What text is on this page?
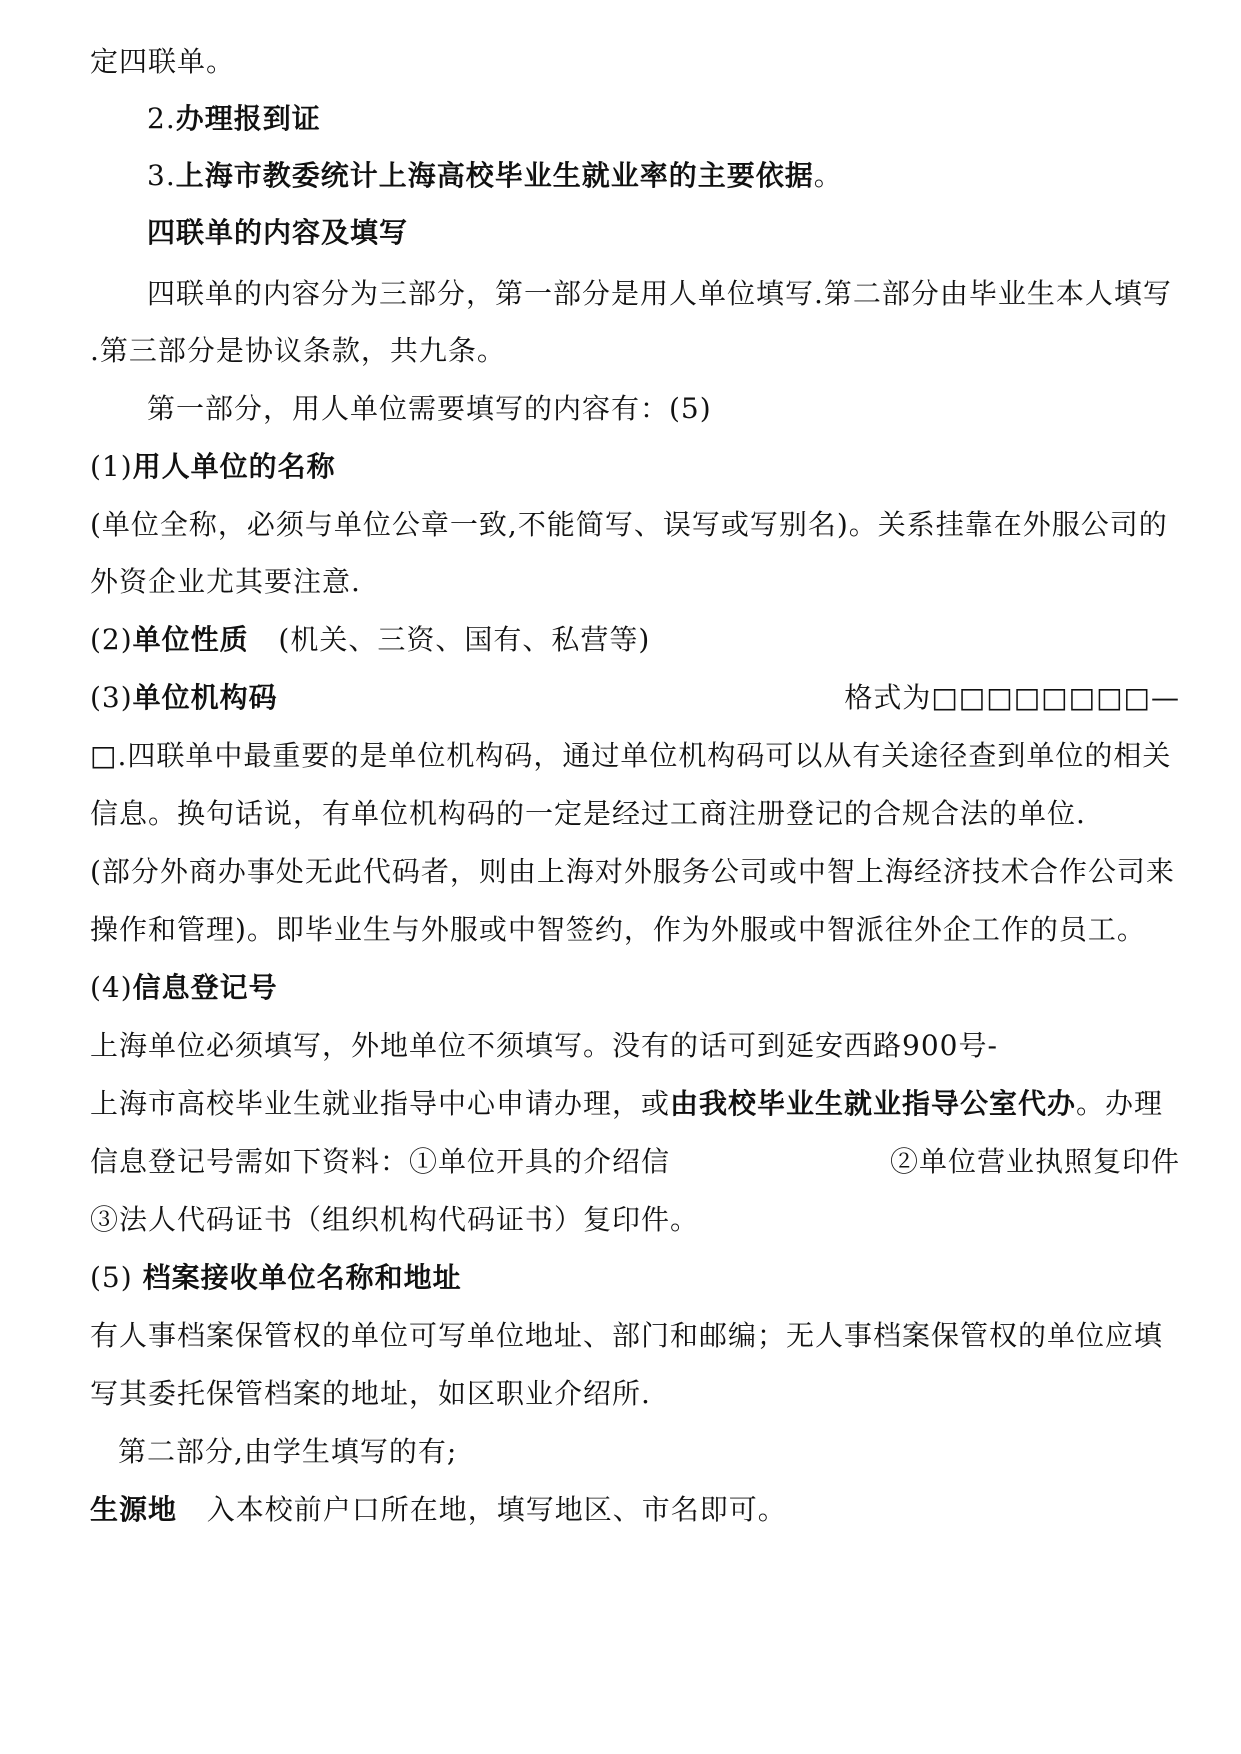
定四联单。
2.办理报到证
3.上海市教委统计上海高校毕业生就业率的主要依据。
四联单的内容及填写
四联单的内容分为三部分，第一部分是用人单位填写.第二部分由毕业生本人填写
.第三部分是协议条款，共九条。
第一部分，用人单位需要填写的内容有：(5)
(1)用人单位的名称
(单位全称，必须与单位公章一致,不能简写、误写或写别名)。关系挂靠在外服公司的
外资企业尤其要注意.
(2)单位性质   (机关、三资、国有、私营等)
(3)单位机构码	格式为□□□□□□□□—
□.四联单中最重要的是单位机构码，通过单位机构码可以从有关途径查到单位的相关
信息。换句话说，有单位机构码的一定是经过工商注册登记的合规合法的单位.
(部分外商办事处无此代码者，则由上海对外服务公司或中智上海经济技术合作公司来
操作和管理)。即毕业生与外服或中智签约，作为外服或中智派往外企工作的员工。
(4)信息登记号
上海单位必须填写，外地单位不须填写。没有的话可到延安西路900号-
上海市高校毕业生就业指导中心申请办理，或由我校毕业生就业指导公室代办。办理
信息登记号需如下资料：①单位开具的介绍信	②单位营业执照复印件
③法人代码证书（组织机构代码证书）复印件。
(5) 档案接收单位名称和地址
有人事档案保管权的单位可写单位地址、部门和邮编；无人事档案保管权的单位应填
写其委托保管档案的地址，如区职业介绍所.
第二部分,由学生填写的有;
生源地   入本校前户口所在地，填写地区、市名即可。
